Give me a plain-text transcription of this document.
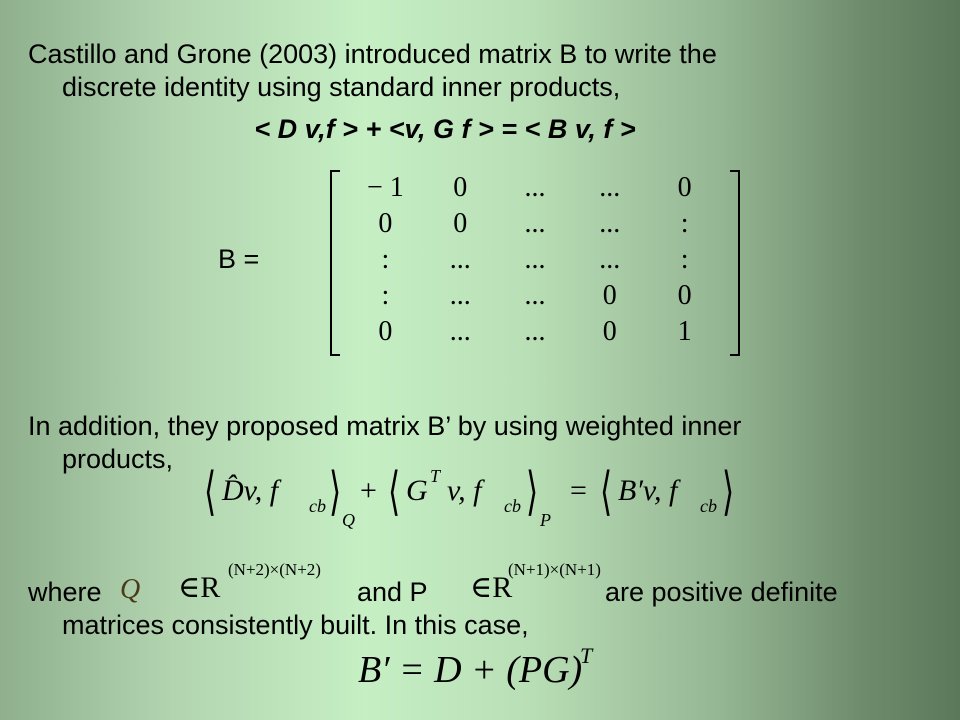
Castillo and Grone (2003) introduced matrix B to write the
discrete identity using standard inner products,
< D v,f > + <v, G f > = < B v, f >
B =
− 1	0	...	...	0
0	0	...	...	:
:	...	...	...	:
:	...	...	0	0
0	...	...	0	1
In addition, they proposed matrix B’ by using weighted inner
products,
⟨ D̂v, f cb ⟩ Q
+ ⟨ G T v, f cb ⟩ P
= ⟨ B′v, f cb ⟩
where Q ∈R
(N+2)×(N+2)
and P ∈R
(N+1)×(N+1)
are positive definite
matrices consistently built. In this case,
B′ = D + (PG)
T
